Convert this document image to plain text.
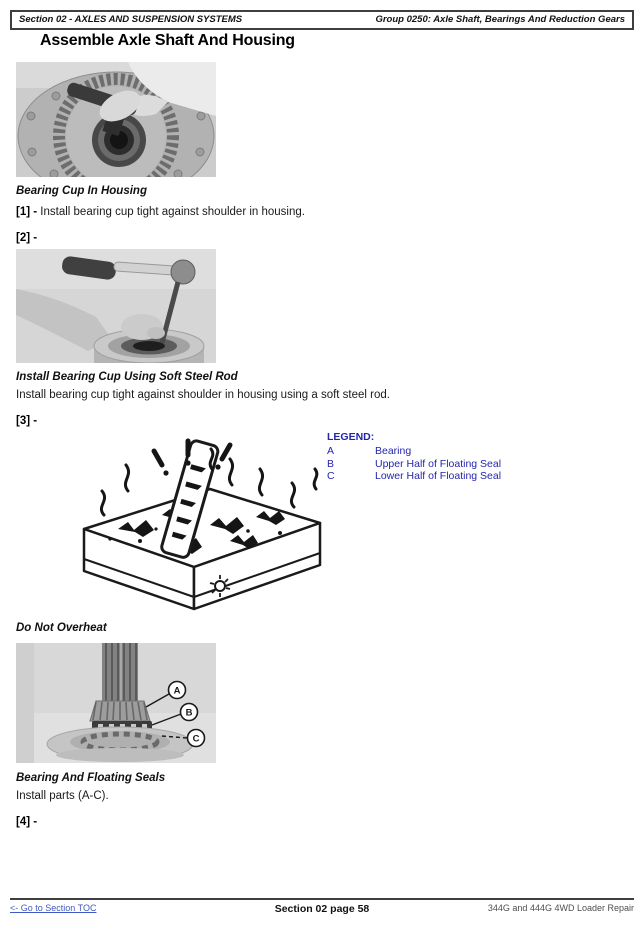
Section 02 - AXLES AND SUSPENSION SYSTEMS	Group 0250: Axle Shaft, Bearings And Reduction Gears
Assemble Axle Shaft And Housing
Bearing Cup In Housing

[1] - Install bearing cup tight against shoulder in housing.

[2] -
Install Bearing Cup Using Soft Steel Rod

Install bearing cup tight against shoulder in housing using a soft steel rod.

[3] -
LEGEND:
A	Bearing
B	Upper Half of Floating Seal
C	Lower Half of Floating Seal
Do Not Overheat
A
B
C
Bearing And Floating Seals

Install parts (A-C).

[4] -
<- Go to Section TOC	Section 02 page 58	344G and 444G 4WD Loader Repair
